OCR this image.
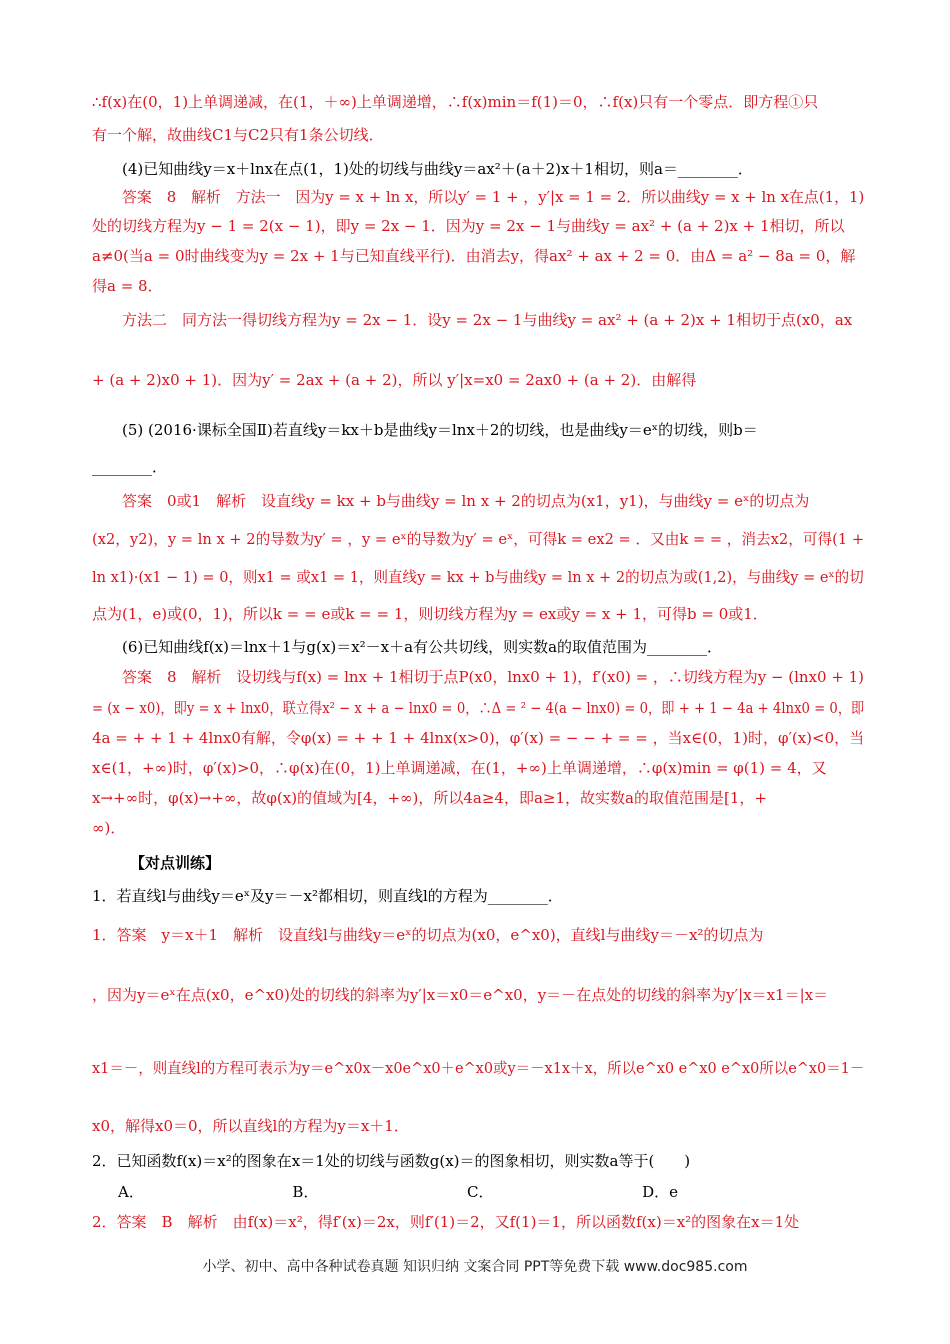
∴f(x)在(0，1)上单调递减，在(1，＋∞)上单调递增，∴f(x)min＝f(1)＝0，∴f(x)只有一个零点．即方程①只
有一个解，故曲线C1与C2只有1条公切线．
(4)已知曲线y＝x＋lnx在点(1，1)处的切线与曲线y＝ax²＋(a＋2)x＋1相切，则a＝________．
答案　8　解析　方法一　因为y = x + ln x，所以y′ = 1 + ，y′|x = 1 = 2．所以曲线y = x + ln x在点(1，1)
处的切线方程为y − 1 = 2(x − 1)，即y = 2x − 1．因为y = 2x − 1与曲线y = ax² + (a + 2)x + 1相切，所以
a≠0(当a = 0时曲线变为y = 2x + 1与已知直线平行)．由消去y，得ax² + ax + 2 = 0．由Δ = a² − 8a = 0，解
得a = 8．
方法二　同方法一得切线方程为y = 2x − 1．设y = 2x − 1与曲线y = ax² + (a + 2)x + 1相切于点(x0，ax
+ (a + 2)x0 + 1)．因为y′ = 2ax + (a + 2)，所以 y′|x=x0 = 2ax0 + (a + 2)．由解得
(5) (2016·课标全国Ⅱ)若直线y＝kx＋b是曲线y＝lnx＋2的切线，也是曲线y＝eˣ的切线，则b＝
________．
答案　0或1　解析　设直线y = kx + b与曲线y = ln x + 2的切点为(x1，y1)，与曲线y = eˣ的切点为
(x2，y2)，y = ln x + 2的导数为y′ = ，y = eˣ的导数为y′ = eˣ，可得k = ex2 = ．又由k = = ，消去x2，可得(1 +
ln x1)·(x1 − 1) = 0，则x1 = 或x1 = 1，则直线y = kx + b与曲线y = ln x + 2的切点为或(1,2)，与曲线y = eˣ的切
点为(1，e)或(0，1)，所以k = = e或k = = 1，则切线方程为y = ex或y = x + 1，可得b = 0或1．
(6)已知曲线f(x)＝lnx＋1与g(x)＝x²－x＋a有公共切线，则实数a的取值范围为________．
答案　8　解析　设切线与f(x) = lnx + 1相切于点P(x0，lnx0 + 1)，f′(x0) = ，∴切线方程为y − (lnx0 + 1)
= (x − x0)，即y = x + lnx0，联立得x² − x + a − lnx0 = 0，∴Δ = ² − 4(a − lnx0) = 0，即 + + 1 − 4a + 4lnx0 = 0，即
4a = + + 1 + 4lnx0有解，令φ(x) = + + 1 + 4lnx(x>0)，φ′(x) = − − + = = ，当x∈(0，1)时，φ′(x)<0，当
x∈(1，+∞)时，φ′(x)>0，∴φ(x)在(0，1)上单调递减，在(1，+∞)上单调递增，∴φ(x)min = φ(1) = 4，又
x→+∞时，φ(x)→+∞，故φ(x)的值域为[4，+∞)，所以4a≥4，即a≥1，故实数a的取值范围是[1，+
∞)．
【对点训练】
1．若直线l与曲线y＝eˣ及y＝－x²都相切，则直线l的方程为________．
1．答案　y＝x＋1　解析　设直线l与曲线y＝eˣ的切点为(x0，e^x0)，直线l与曲线y＝－x²的切点为
，因为y＝eˣ在点(x0，e^x0)处的切线的斜率为y′|x＝x0＝e^x0，y＝－在点处的切线的斜率为y′|x＝x1＝|x＝
x1＝－，则直线l的方程可表示为y＝e^x0x－x0e^x0＋e^x0或y＝－x1x＋x，所以e^x0 e^x0 e^x0所以e^x0＝1－
x0，解得x0＝0，所以直线l的方程为y＝x＋1．
2．已知函数f(x)＝x²的图象在x＝1处的切线与函数g(x)＝的图象相切，则实数a等于(　　)
A．	B．	C．	D．e
2．答案　B　解析　由f(x)＝x²，得f′(x)＝2x，则f′(1)＝2，又f(1)＝1，所以函数f(x)＝x²的图象在x＝1处
小学、初中、高中各种试卷真题 知识归纳 文案合同 PPT等免费下载 www.doc985.com
